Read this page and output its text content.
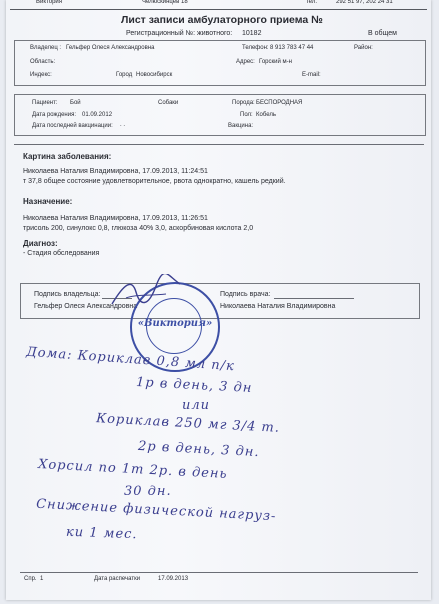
Виктория	Челюскинцев 18	тел.	292 51 97, 202 24 31
Лист записи амбулаторного приема №
Регистрационный №: животного: 10182	В общем
Владелец : Гельфер Олеся Александровна	Телефон: 8 913 783 47 44	Район:
Область:	Адрес: Горский м-н
Индекс:	Город Новосибирск	E-mail:
Пациент: Бой	Собаки	Порода: БЕСПОРОДНАЯ
Дата рождения: 01.09.2012	Пол: Кобель
Дата последней вакцинации: . .	Вакцина:
Картина заболевания:
Николаева Наталия Владимировна, 17.09.2013, 11:24:51
т 37,8 общее состояние удовлетворительное, рвота однократно, кашель редкий.
Назначение:
Николаева Наталия Владимировна, 17.09.2013, 11:26:51
трисоль 200, синулокс 0,8, глюкоза 40% 3,0, аскорбиновая кислота 2,0
Диагноз:
- Стадия обследования
Подпись владельца:
Гельфер Олеся Александровна
Подпись врача:
Николаева Наталия Владимировна
«Виктория»
Дома: Кориклав 0,8 мл п/к
1р в день, 3 дн
или
Кориклав 250 мг 3/4 т.
2р в день, 3 дн.
Хорсил по 1т 2р. в день
30 дн.
Снижение физической нагруз-
ки 1 мес.
Спр. 1	Дата распечатки	17.09.2013
